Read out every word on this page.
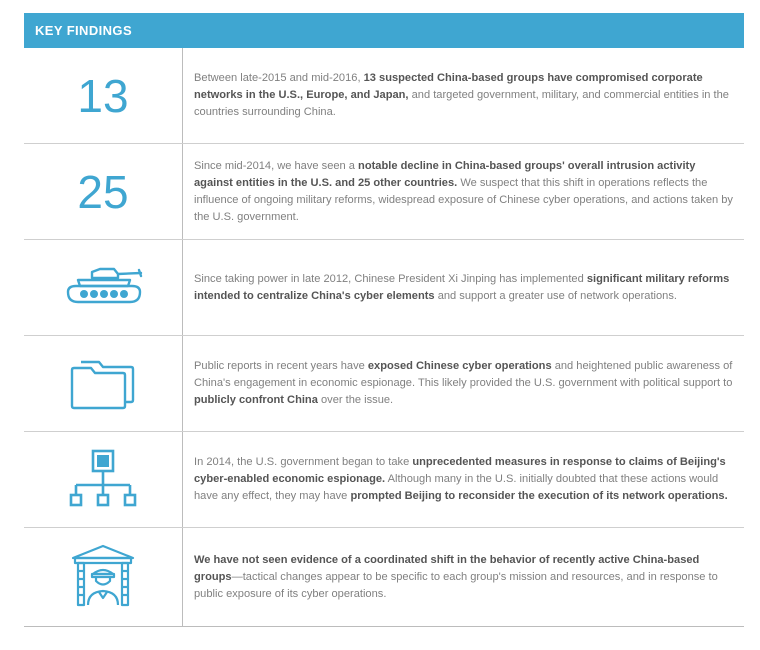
KEY FINDINGS
13	Between late-2015 and mid-2016, 13 suspected China-based groups have compromised corporate networks in the U.S., Europe, and Japan, and targeted government, military, and commercial entities in the countries surrounding China.

25	Since mid-2014, we have seen a notable decline in China-based groups' overall intrusion activity against entities in the U.S. and 25 other countries. We suspect that this shift in operations reflects the influence of ongoing military reforms, widespread exposure of Chinese cyber operations, and actions taken by the U.S. government.

Since taking power in late 2012, Chinese President Xi Jinping has implemented significant military reforms intended to centralize China's cyber elements and support a greater use of network operations.

Public reports in recent years have exposed Chinese cyber operations and heightened public awareness of China's engagement in economic espionage. This likely provided the U.S. government with political support to publicly confront China over the issue.

In 2014, the U.S. government began to take unprecedented measures in response to claims of Beijing's cyber-enabled economic espionage. Although many in the U.S. initially doubted that these actions would have any effect, they may have prompted Beijing to reconsider the execution of its network operations.

We have not seen evidence of a coordinated shift in the behavior of recently active China-based groups—tactical changes appear to be specific to each group's mission and resources, and in response to public exposure of its cyber operations.
